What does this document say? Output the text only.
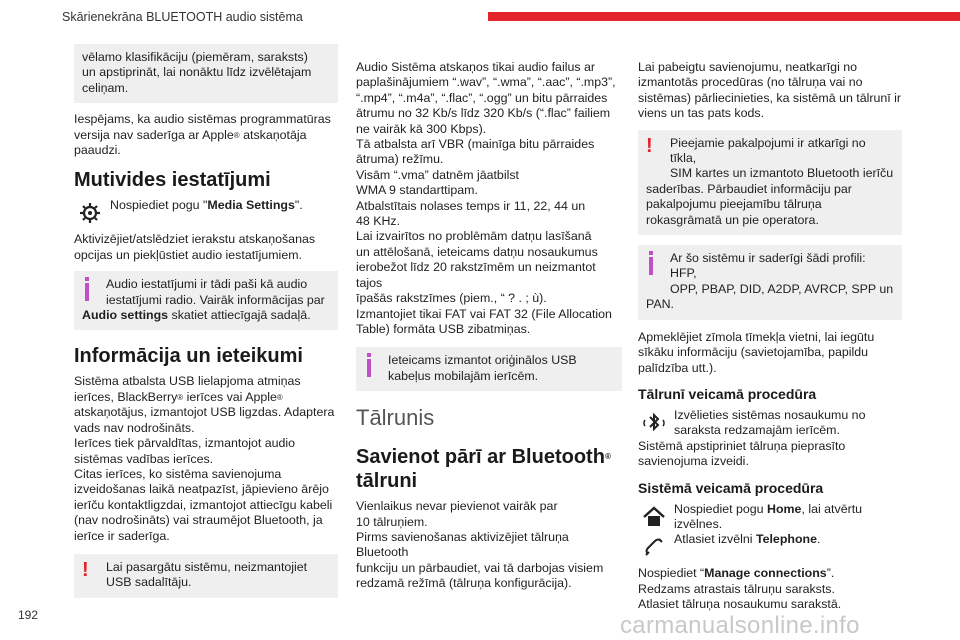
Skārienekrāna BLUETOOTH audio sistēma
vēlamo klasifikāciju (piemēram, saraksts)
un apstiprināt, lai nonāktu līdz izvēlētajam
celiņam.

Iespējams, ka audio sistēmas programmatūras

versija nav saderīga ar Apple® atskaņotāja

paaudzi.

Mutivides iestatījumi

Nospiediet pogu "Media Settings".

Aktivizējiet/atslēdziet ierakstu atskaņošanas

opcijas un piekļūstiet audio iestatījumiem.

Audio iestatījumi ir tādi paši kā audio
iestatījumi radio. Vairāk informācijas par
Audio settings skatiet attiecīgajā sadaļā.
Informācija un ieteikumi

Sistēma atbalsta USB lielapjoma atmiņas

ierīces, BlackBerry® ierīces vai Apple®

atskaņotājus, izmantojot USB ligzdas. Adaptera

vads nav nodrošināts.

Ierīces tiek pārvaldītas, izmantojot audio

sistēmas vadības ierīces.

Citas ierīces, ko sistēma savienojuma

izveidošanas laikā neatpazīst, jāpievieno ārējo

ierīču kontaktligzdai, izmantojot attiecīgu kabeli

(nav nodrošināts) vai straumējot Bluetooth, ja

ierīce ir saderīga.

!	Lai pasargātu sistēmu, neizmantojiet
USB sadalītāju.

Audio Sistēma atskaņos tikai audio failus ar

paplašinājumiem “.wav”, “.wma”, “.aac”, “.mp3”,

“.mp4”, “.m4a”, “.flac”, “.ogg” un bitu pārraides

ātrumu no 32 Kb/s līdz 320 Kb/s (“.flac” failiem

ne vairāk kā 300 Kbps).

Tā atbalsta arī VBR (mainīga bitu pārraides

ātruma) režīmu.

Visām “.vma” datnēm jāatbilst

WMA 9 standarttipam.

Atbalstītais nolases temps ir 11, 22, 44 un

48 KHz.

Lai izvairītos no problēmām datņu lasīšanā

un attēlošanā, ieteicams datņu nosaukumus

ierobežot līdz 20 rakstzīmēm un neizmantot tajos

īpašās rakstzīmes (piem., “ ? . ; ù).

Izmantojiet tikai FAT vai FAT 32 (File Allocation

Table) formāta USB zibatmiņas.

Ieteicams izmantot oriģinālos USB
kabeļus mobilajām ierīcēm.
Tālrunis
Savienot pārī ar Bluetooth®
tālruni

Vienlaikus nevar pievienot vairāk par

10 tālruņiem.

Pirms savienošanas aktivizējiet tālruņa Bluetooth

funkciju un pārbaudiet, vai tā darbojas visiem

redzamā režīmā (tālruņa konfigurācija).

Lai pabeigtu savienojumu, neatkarīgi no

izmantotās procedūras (no tālruņa vai no

sistēmas) pārliecinieties, ka sistēmā un tālrunī ir

viens un tas pats kods.

!	Pieejamie pakalpojumi ir atkarīgi no tīkla,
SIM kartes un izmantoto Bluetooth ierīču
saderības. Pārbaudiet informāciju par
pakalpojumu pieejamību tālruņa
rokasgrāmatā un pie operatora.
Ar šo sistēmu ir saderīgi šādi profili: HFP,
OPP, PBAP, DID, A2DP, AVRCP, SPP un
PAN.

Apmeklējiet zīmola tīmekļa vietni, lai iegūtu

sīkāku informāciju (savietojamība, papildu

palīdzība utt.).

Tālrunī veicamā procedūra

Izvēlieties sistēmas nosaukumu no

saraksta redzamajām ierīcēm.

Sistēmā apstipriniet tālruņa pieprasīto

savienojuma izveidi.

Sistēmā veicamā procedūra

Nospiediet pogu Home, lai atvērtu

izvēlnes.

Atlasiet izvēlni Telephone.

Nospiediet “Manage connections”.

Redzams atrastais tālruņu saraksts.

Atlasiet tālruņa nosaukumu sarakstā.

192	carmanualsonline.info
